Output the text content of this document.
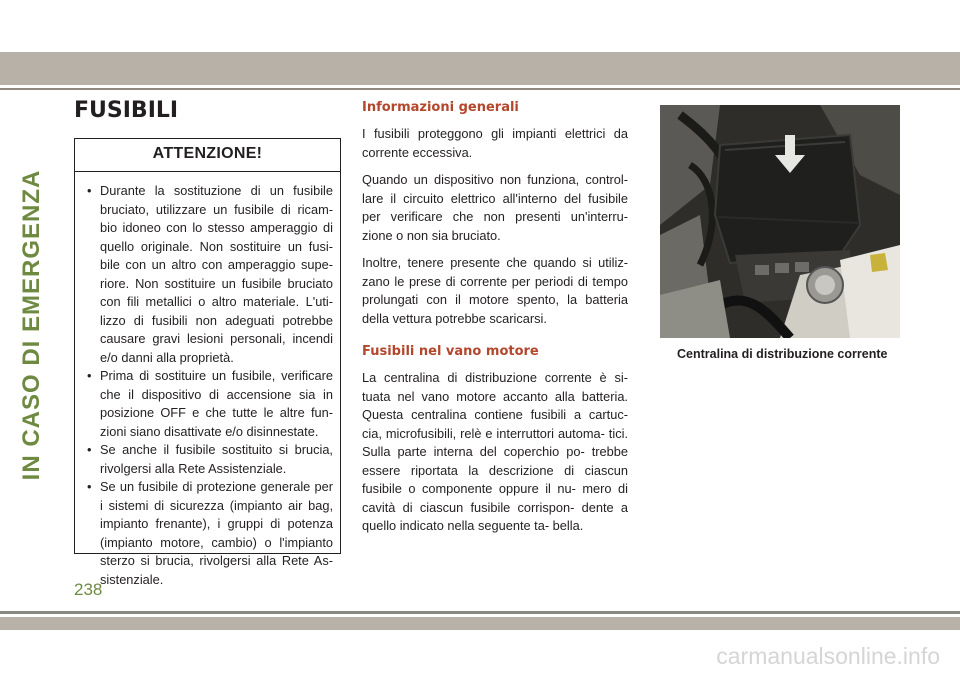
IN CASO DI EMERGENZA
FUSIBILI
ATTENZIONE!
• Durante la sostituzione di un fusibile bruciato, utilizzare un fusibile di ricam- bio idoneo con lo stesso amperaggio di quello originale. Non sostituire un fusi- bile con un altro con amperaggio supe- riore. Non sostituire un fusibile bruciato con fili metallici o altro materiale. L'uti- lizzo di fusibili non adeguati potrebbe causare gravi lesioni personali, incendi e/o danni alla proprietà.
• Prima di sostituire un fusibile, verificare che il dispositivo di accensione sia in posizione OFF e che tutte le altre fun- zioni siano disattivate e/o disinnestate.
• Se anche il fusibile sostituito si brucia, rivolgersi alla Rete Assistenziale.
• Se un fusibile di protezione generale per i sistemi di sicurezza (impianto air bag, impianto frenante), i gruppi di potenza (impianto motore, cambio) o l'impianto sterzo si brucia, rivolgersi alla Rete As- sistenziale.
Informazioni generali

I fusibili proteggono gli impianti elettrici da corrente eccessiva.

Quando un dispositivo non funziona, control- lare il circuito elettrico all'interno del fusibile per verificare che non presenti un'interru- zione o non sia bruciato.

Inoltre, tenere presente che quando si utiliz- zano le prese di corrente per periodi di tempo prolungati con il motore spento, la batteria della vettura potrebbe scaricarsi.

Fusibili nel vano motore

La centralina di distribuzione corrente è si- tuata nel vano motore accanto alla batteria. Questa centralina contiene fusibili a cartuc- cia, microfusibili, relè e interruttori automa- tici. Sulla parte interna del coperchio po- trebbe essere riportata la descrizione di ciascun fusibile o componente oppure il nu- mero di cavità di ciascun fusibile corrispon- dente a quello indicato nella seguente ta- bella.

Centralina di distribuzione corrente
238
carmanualsonline.info
